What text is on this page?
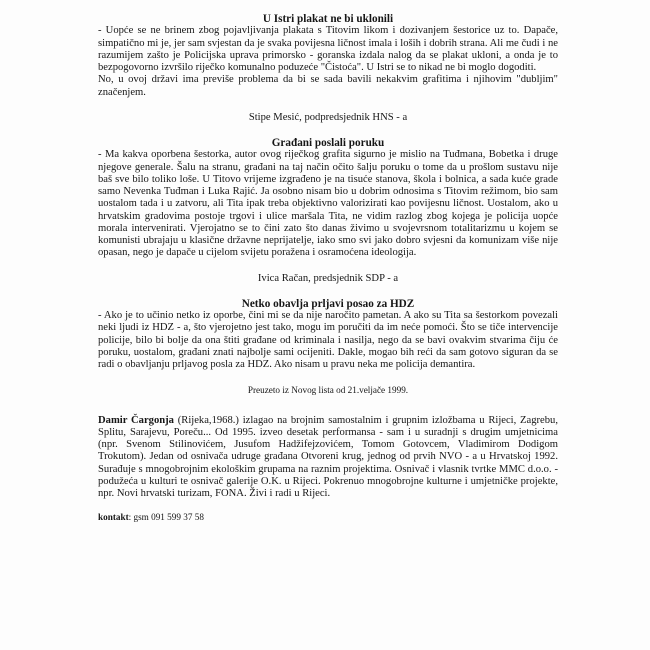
U Istri plakat ne bi uklonili

- Uopće se ne brinem zbog pojavljivanja plakata s Titovim likom i dozivanjem šestorice uz to. Dapače, simpatično mi je, jer sam svjestan da je svaka povijesna ličnost imala i loših i dobrih strana. Ali me čudi i ne razumijem zašto je Policijska uprava primorsko - goranska izdala nalog da se plakat ukloni, a onda je to bezpogovorno izvršilo riječko komunalno poduzeće "Čistoća". U Istri se to nikad ne bi moglo dogoditi.

No, u ovoj državi ima previše problema da bi se sada bavili nekakvim grafitima i njihovim "dubljim" značenjem.

Stipe Mesić, podpredsjednik HNS - a

Građani poslali poruku

- Ma kakva oporbena šestorka, autor ovog riječkog grafita sigurno je mislio na Tuđmana, Bobetka i druge njegove generale. Šalu na stranu, građani na taj način očito šalju poruku o tome da u prošlom sustavu nije baš sve bilo toliko loše. U Titovo vrijeme izgrađeno je na tisuće stanova, škola i bolnica, a sada kuće grade samo Nevenka Tuđman i Luka Rajić. Ja osobno nisam bio u dobrim odnosima s Titovim režimom, bio sam uostalom tada i u zatvoru, ali Tita ipak treba objektivno valorizirati kao povijesnu ličnost. Uostalom, ako u hrvatskim gradovima postoje trgovi i ulice maršala Tita, ne vidim razlog zbog kojega je policija uopće morala intervenirati. Vjerojatno se to čini zato što danas živimo u svojevrsnom totalitarizmu u kojem se komunisti ubrajaju u klasične državne neprijatelje, iako smo svi jako dobro svjesni da komunizam više nije opasan, nego je dapače u cijelom svijetu poražena i osramoćena ideologija.

Ivica Račan, predsjednik SDP - a

Netko obavlja prljavi posao za HDZ

- Ako je to učinio netko iz oporbe, čini mi se da nije naročito pametan. A ako su Tita sa šestorkom povezali neki ljudi iz HDZ - a, što vjerojetno jest tako, mogu im poručiti da im neće pomoći. Što se tiče intervencije policije, bilo bi bolje da ona štiti građane od kriminala i nasilja, nego da se bavi ovakvim stvarima čiju će poruku, uostalom, građani znati najbolje sami ocijeniti. Dakle, mogao bih reći da sam gotovo siguran da se radi o obavljanju prljavog posla za HDZ. Ako nisam u pravu neka me policija demantira.

Preuzeto iz Novog lista od 21.veljače 1999.

Damir Čargonja (Rijeka,1968.) izlagao na brojnim samostalnim i grupnim izložbama u Rijeci, Zagrebu, Splitu, Sarajevu, Poreču... Od 1995. izveo desetak performansa - sam i u suradnji s drugim umjetnicima (npr. Svenom Stilinovićem, Jusufom Hadžifejzovićem, Tomom Gotovcem, Vladimirom Dodigom Trokutom). Jedan od osnivača udruge građana Otvoreni krug, jednog od prvih NVO - a u Hrvatskoj 1992. Surađuje s mnogobrojnim ekološkim grupama na raznim projektima. Osnivač i vlasnik tvrtke MMC d.o.o. - podužeća u kulturi te osnivač galerije O.K. u Rijeci. Pokrenuo mnogobrojne kulturne i umjetničke projekte, npr. Novi hrvatski turizam, FONA. Živi i radi u Rijeci.

kontakt: gsm 091 599 37 58
